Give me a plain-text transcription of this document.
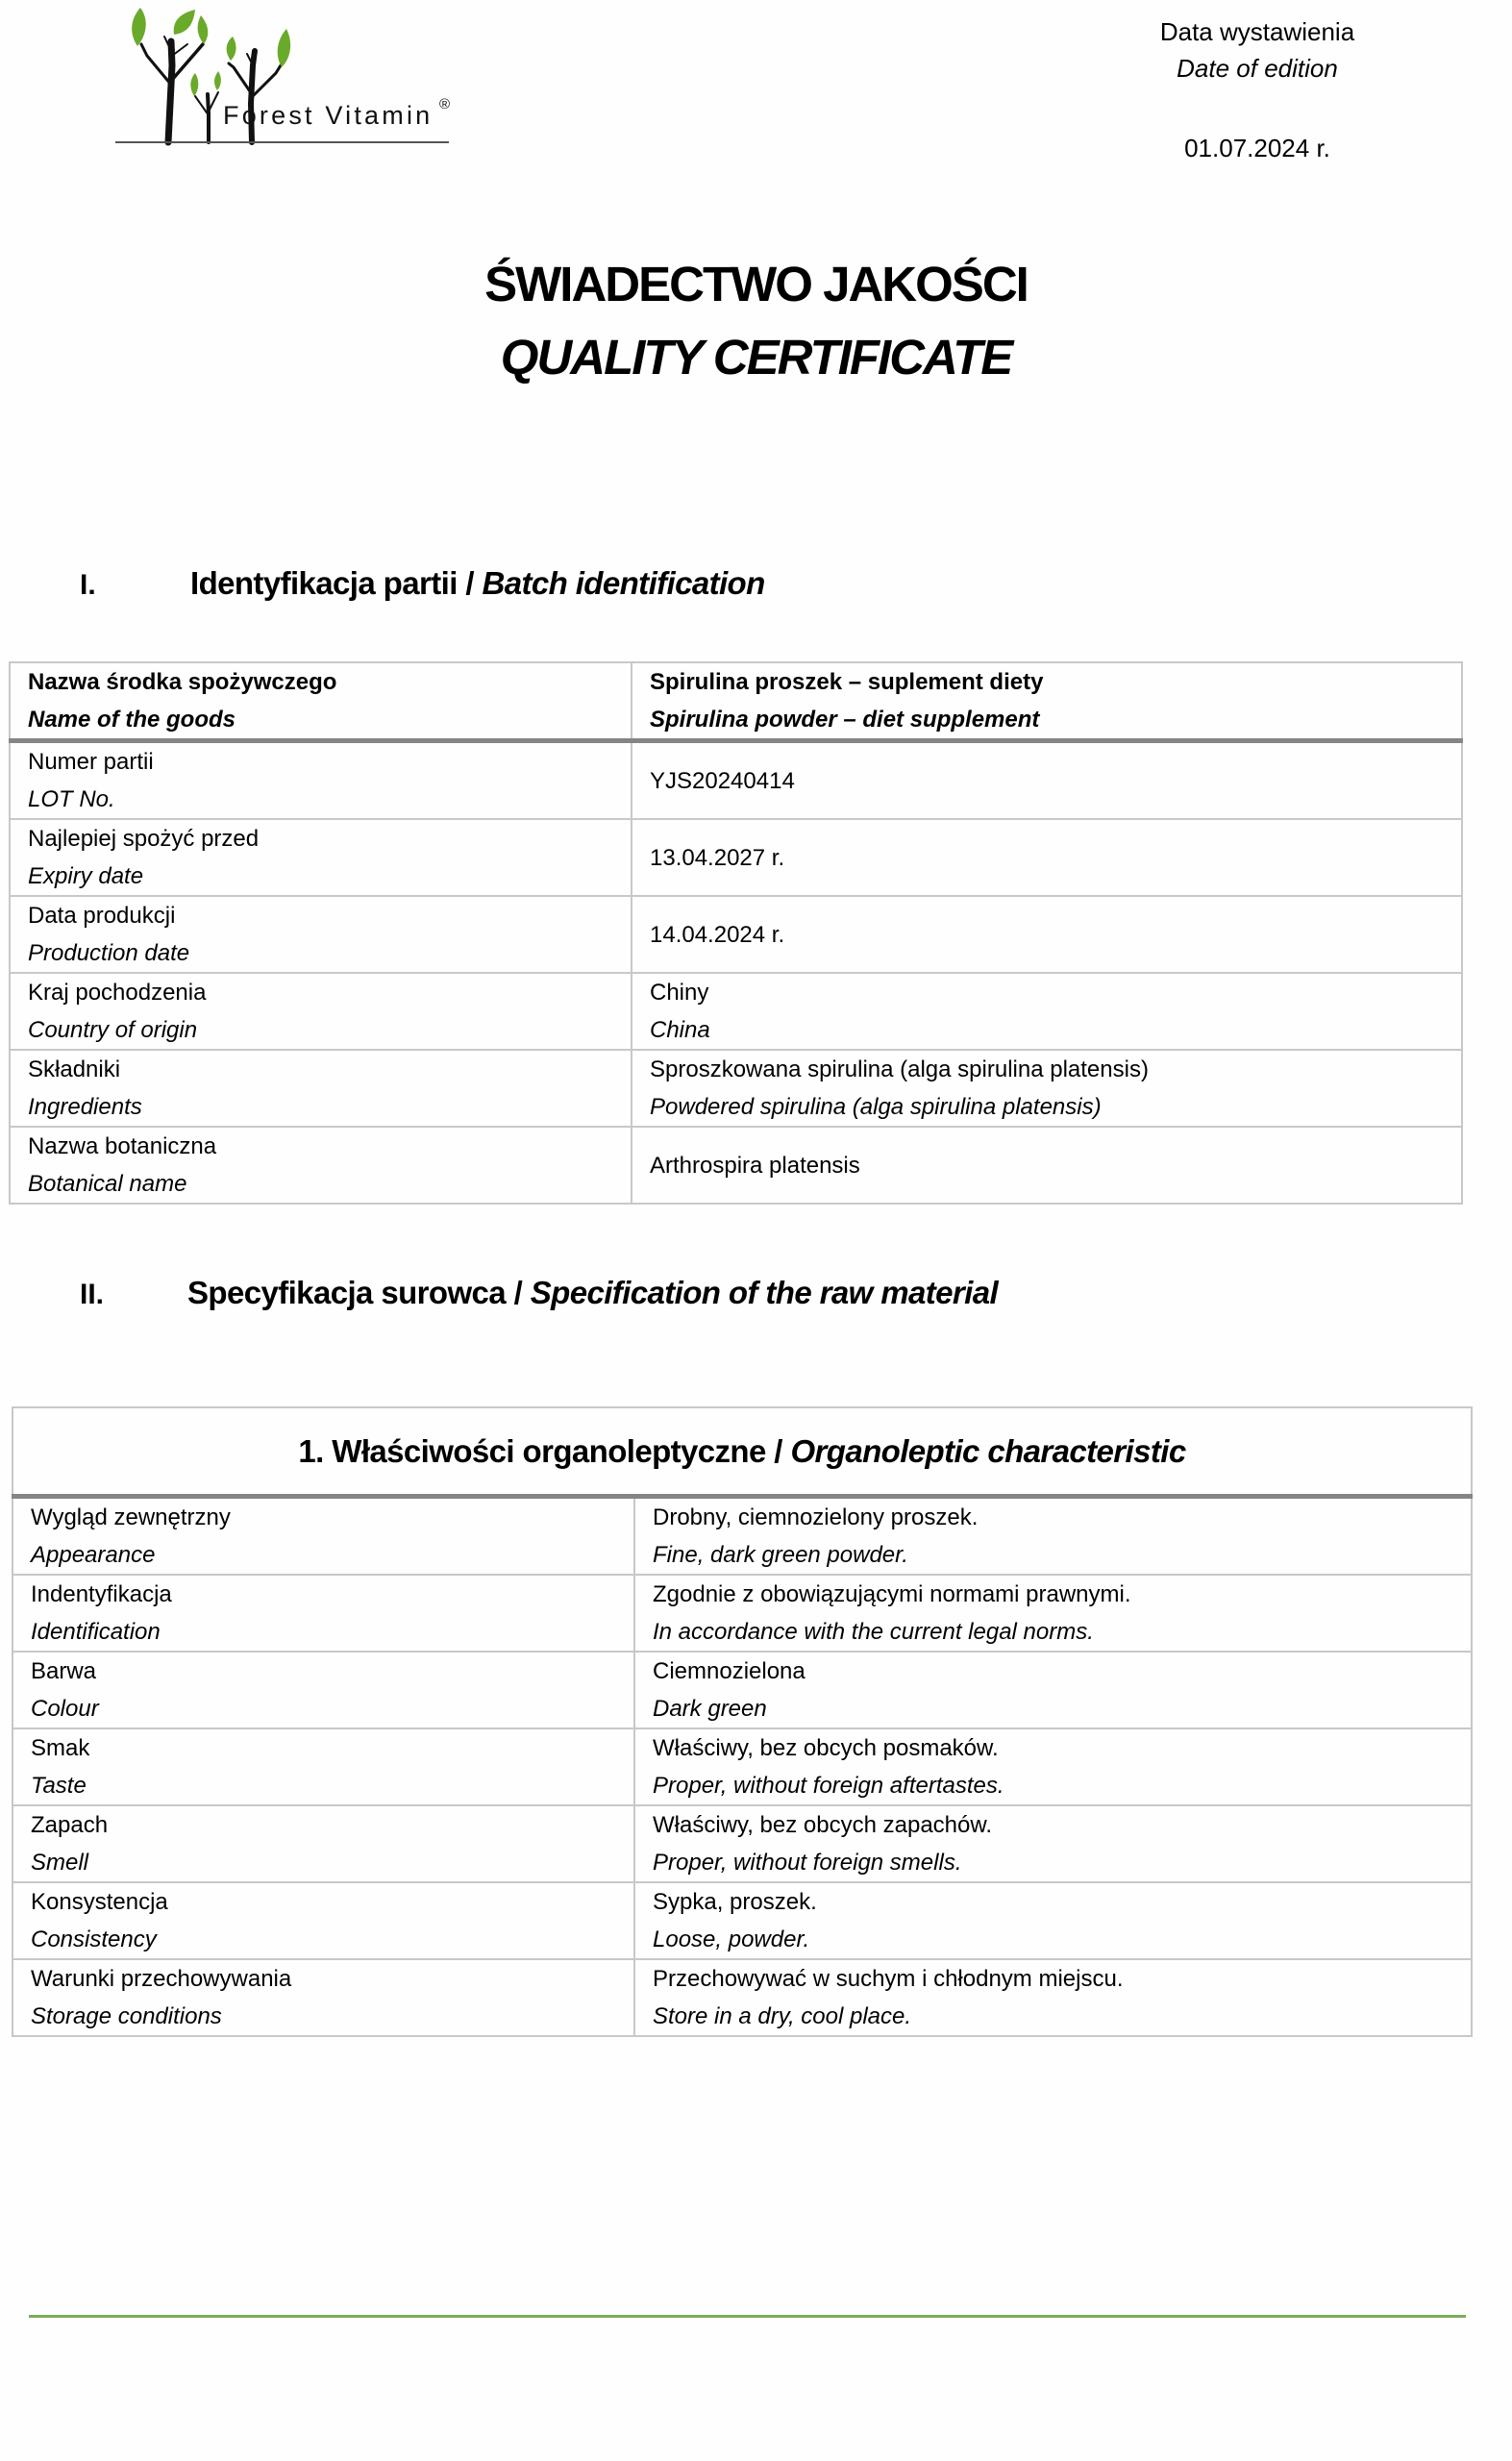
Forest Vitamin ®
Data wystawienia
Date of edition
01.07.2024 r.
ŚWIADECTWO JAKOŚCI
QUALITY CERTIFICATE
I.	Identyfikacja partii / Batch identification
Nazwa środka spożywczego
Name of the goods	Spirulina proszek – suplement diety
Spirulina powder – diet supplement

Numer partii
LOT No.	YJS20240414

Najlepiej spożyć przed
Expiry date	13.04.2027 r.

Data produkcji
Production date	14.04.2024 r.

Kraj pochodzenia
Country of origin	Chiny
China

Składniki
Ingredients	Sproszkowana spirulina (alga spirulina platensis)
Powdered spirulina (alga spirulina platensis)

Nazwa botaniczna
Botanical name	Arthrospira platensis
II.	Specyfikacja surowca / Specification of the raw material
1. Właściwości organoleptyczne / Organoleptic characteristic	

Wygląd zewnętrzny
Appearance	Drobny, ciemnozielony proszek.
Fine, dark green powder.

Indentyfikacja
Identification	Zgodnie z obowiązującymi normami prawnymi.
In accordance with the current legal norms.

Barwa
Colour	Ciemnozielona
Dark green

Smak
Taste	Właściwy, bez obcych posmaków.
Proper, without foreign aftertastes.

Zapach
Smell	Właściwy, bez obcych zapachów.
Proper, without foreign smells.

Konsystencja
Consistency	Sypka, proszek.
Loose, powder.

Warunki przechowywania
Storage conditions	Przechowywać w suchym i chłodnym miejscu.
Store in a dry, cool place.
